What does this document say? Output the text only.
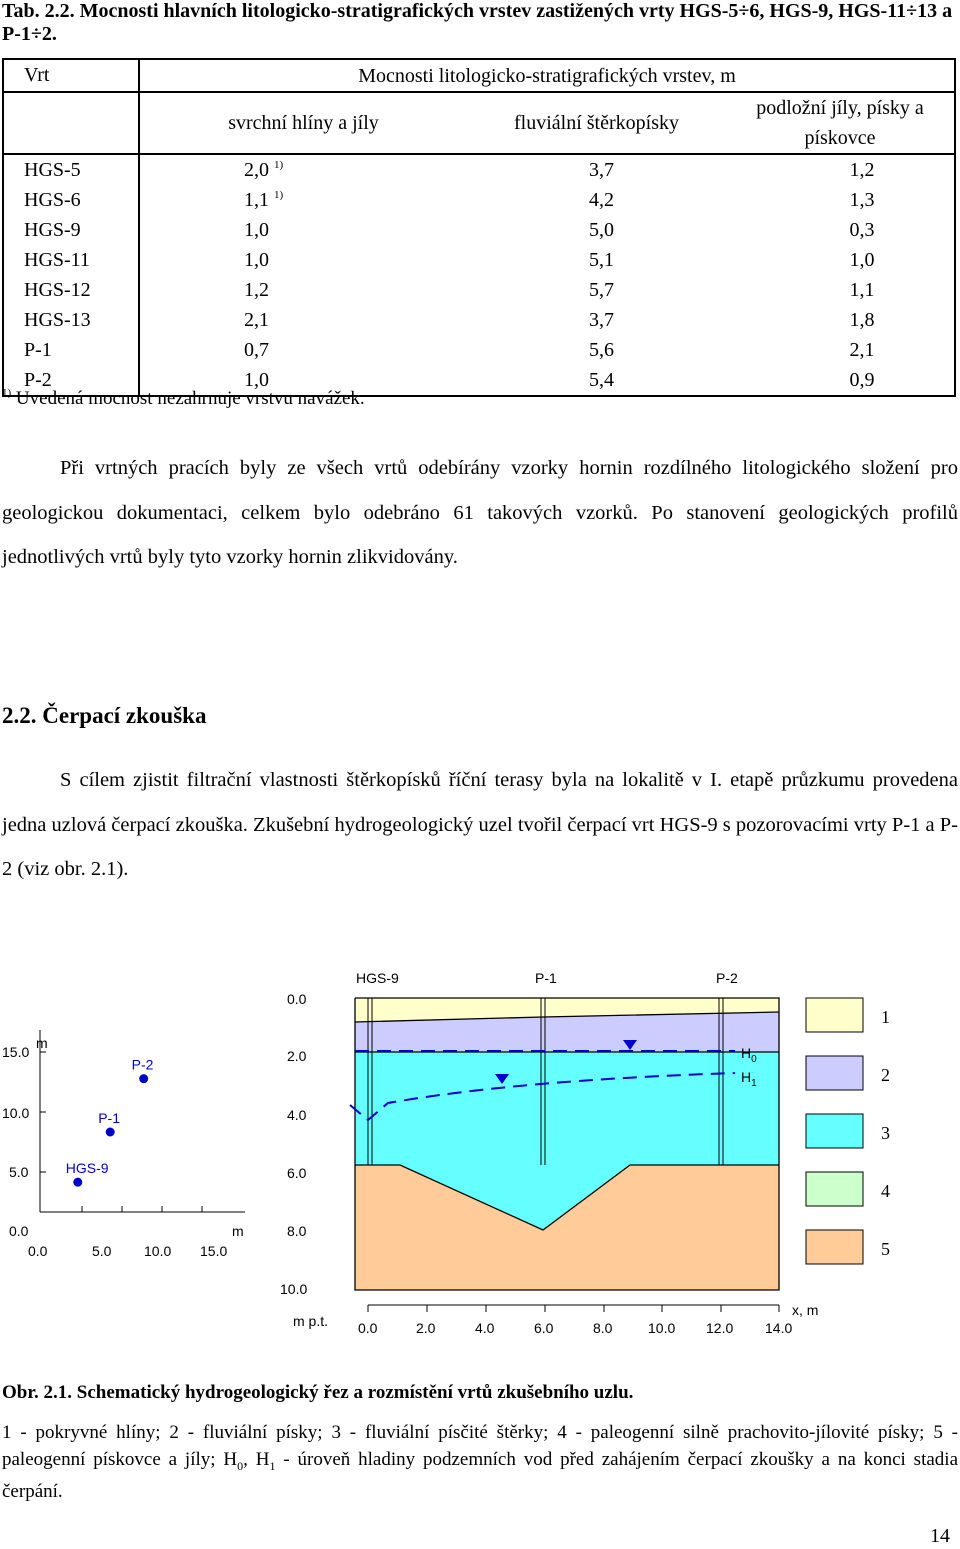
Tab. 2.2. Mocnosti hlavních litologicko-stratigrafických vrstev zastižených vrty HGS-5÷6, HGS-9, HGS-11÷13 a P-1÷2.
Vrt	Mocnosti litologicko-stratigrafických vrstev, m		
	svrchní hlíny a jíly	fluviální štěrkopísky	podložní jíly, písky a pískovce
HGS-5	2,0 $^{1)}$	3,7	1,2
HGS-6	1,1 $^{1)}$	4,2	1,3
HGS-9	1,0	5,0	0,3
HGS-11	1,0	5,1	1,0
HGS-12	1,2	5,7	1,1
HGS-13	2,1	3,7	1,8
P-1	0,7	5,6	2,1
P-2	1,0	5,4	0,9
$^{1)}$ Uvedená mocnost nezahrnuje vrstvu navážek.
Při vrtných pracích byly ze všech vrtů odebírány vzorky hornin rozdílného litologického složení pro geologickou dokumentaci, celkem bylo odebráno 61 takových vzorků. Po stanovení geologických profilů jednotlivých vrtů byly tyto vzorky hornin zlikvidovány.
2.2. Čerpací zkouška
S cílem zjistit filtrační vlastnosti štěrkopísků říční terasy byla na lokalitě v I. etapě průzkumu provedena jedna uzlová čerpací zkouška. Zkušební hydrogeologický uzel tvořil čerpací vrt HGS-9 s pozorovacími vrty P-1 a P-2 (viz obr. 2.1).
m
15.0
10.0
5.0
0.0
0.0	5.0 10.0 15.0
m
P-2
P-1
HGS-9
$H_0$
$H_1$
HGS-9	P-1	P-2
0.0
2.0
4.0
6.0
8.0
10.0
m p.t. 0.0	2.0	4.0	6.0	8.0	10.0 12.0 14.0
x, m
1
2
3
4
5
Obr. 2.1. Schematický hydrogeologický řez a rozmístění vrtů zkušebního uzlu.
1 - pokryvné hlíny; 2 - fluviální písky; 3 - fluviální písčité štěrky; 4 - paleogenní silně prachovito-jílovité písky; 5 - paleogenní pískovce a jíly; $H_0$, $H_1$ - úroveň hladiny podzemních vod před zahájením čerpací zkoušky a na konci stadia čerpání.
14
